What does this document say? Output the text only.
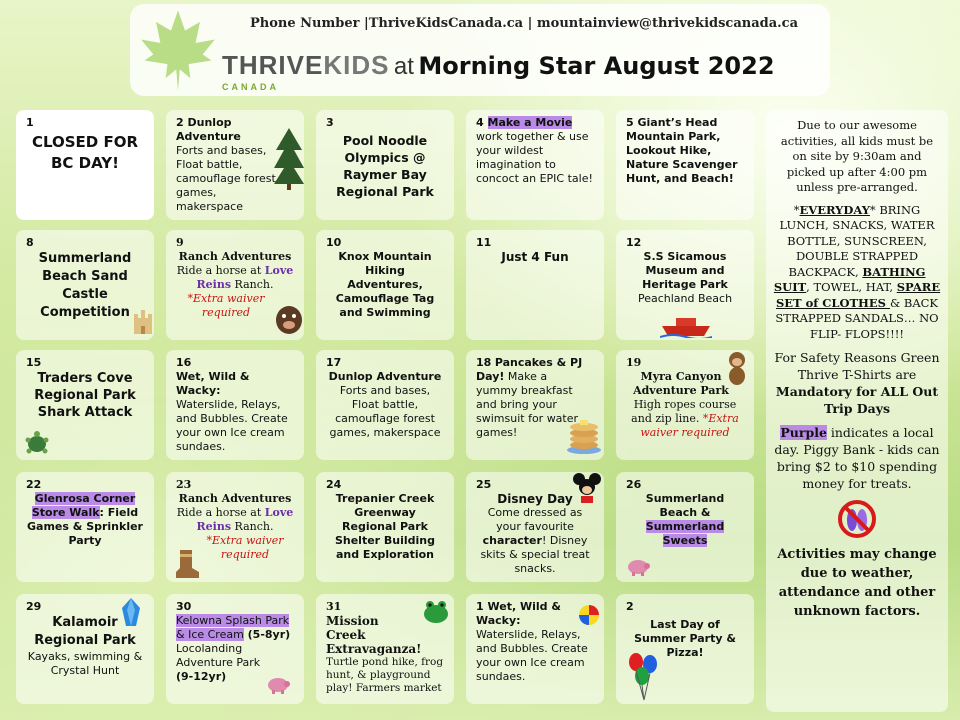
Phone Number |ThriveKidsCanada.ca | mountainview@thrivekidscanada.ca
THRIVEKIDS at Morning Star August 2022
CANADA
1
CLOSED FOR BC DAY!
2 Dunlop Adventure
Forts and bases, Float battle, camouflage forest games, makerspace
3
Pool Noodle Olympics @ Raymer Bay Regional Park
4 Make a Movie
work together & use your wildest imagination to concoct an EPIC tale!
5 Giant’s Head Mountain Park, Lookout Hike, Nature Scavenger Hunt, and Beach!
8
Summerland Beach Sand Castle Competition
9
Ranch Adventures
Ride a horse at Love Reins Ranch.
*Extra waiver required
10
Knox Mountain Hiking Adventures, Camouflage Tag and Swimming
11
Just 4 Fun
12
S.S Sicamous Museum and Heritage Park
Peachland Beach
15
Traders Cove Regional Park Shark Attack
16
Wet, Wild & Wacky:
Waterslide, Relays, and Bubbles. Create your own Ice cream sundaes.
17
Dunlop Adventure
Forts and bases, Float battle, camouflage forest games, makerspace
18 Pancakes & PJ Day! Make a yummy breakfast and bring your swimsuit for water games!
19
Myra Canyon Adventure Park
High ropes course and zip line. *Extra waiver required
22
Glenrosa Corner Store Walk: Field Games & Sprinkler Party
23
Ranch Adventures
Ride a horse at Love Reins Ranch.
*Extra waiver required
24
Trepanier Creek Greenway Regional Park Shelter Building and Exploration
25
Disney Day
Come dressed as your favourite character! Disney skits & special treat snacks.
26
Summerland Beach & Summerland Sweets
29
Kalamoir Regional Park
Kayaks, swimming & Crystal Hunt
30
Kelowna Splash Park & Ice Cream (5-8yr) Locolanding Adventure Park
(9-12yr)
31
Mission Creek Extravaganza!
Turtle pond hike, frog hunt, & playground play! Farmers market
1 Wet, Wild & Wacky:
Waterslide, Relays, and Bubbles. Create your own Ice cream sundaes.
2
Last Day of Summer Party & Pizza!

Due to our awesome activities, all kids must be on site by 9:30am and picked up after 4:00 pm unless pre-arranged.

*EVERYDAY* BRING LUNCH, SNACKS, WATER BOTTLE, SUNSCREEN, DOUBLE STRAPPED BACKPACK, BATHING SUIT, TOWEL, HAT, SPARE SET of CLOTHES & BACK STRAPPED SANDALS… NO FLIP- FLOPS!!!!

For Safety Reasons Green Thrive T-Shirts are Mandatory for ALL Out Trip Days

Purple indicates a local day. Piggy Bank - kids can bring $2 to $10 spending money for treats.

Activities may change due to weather, attendance and other unknown factors.
